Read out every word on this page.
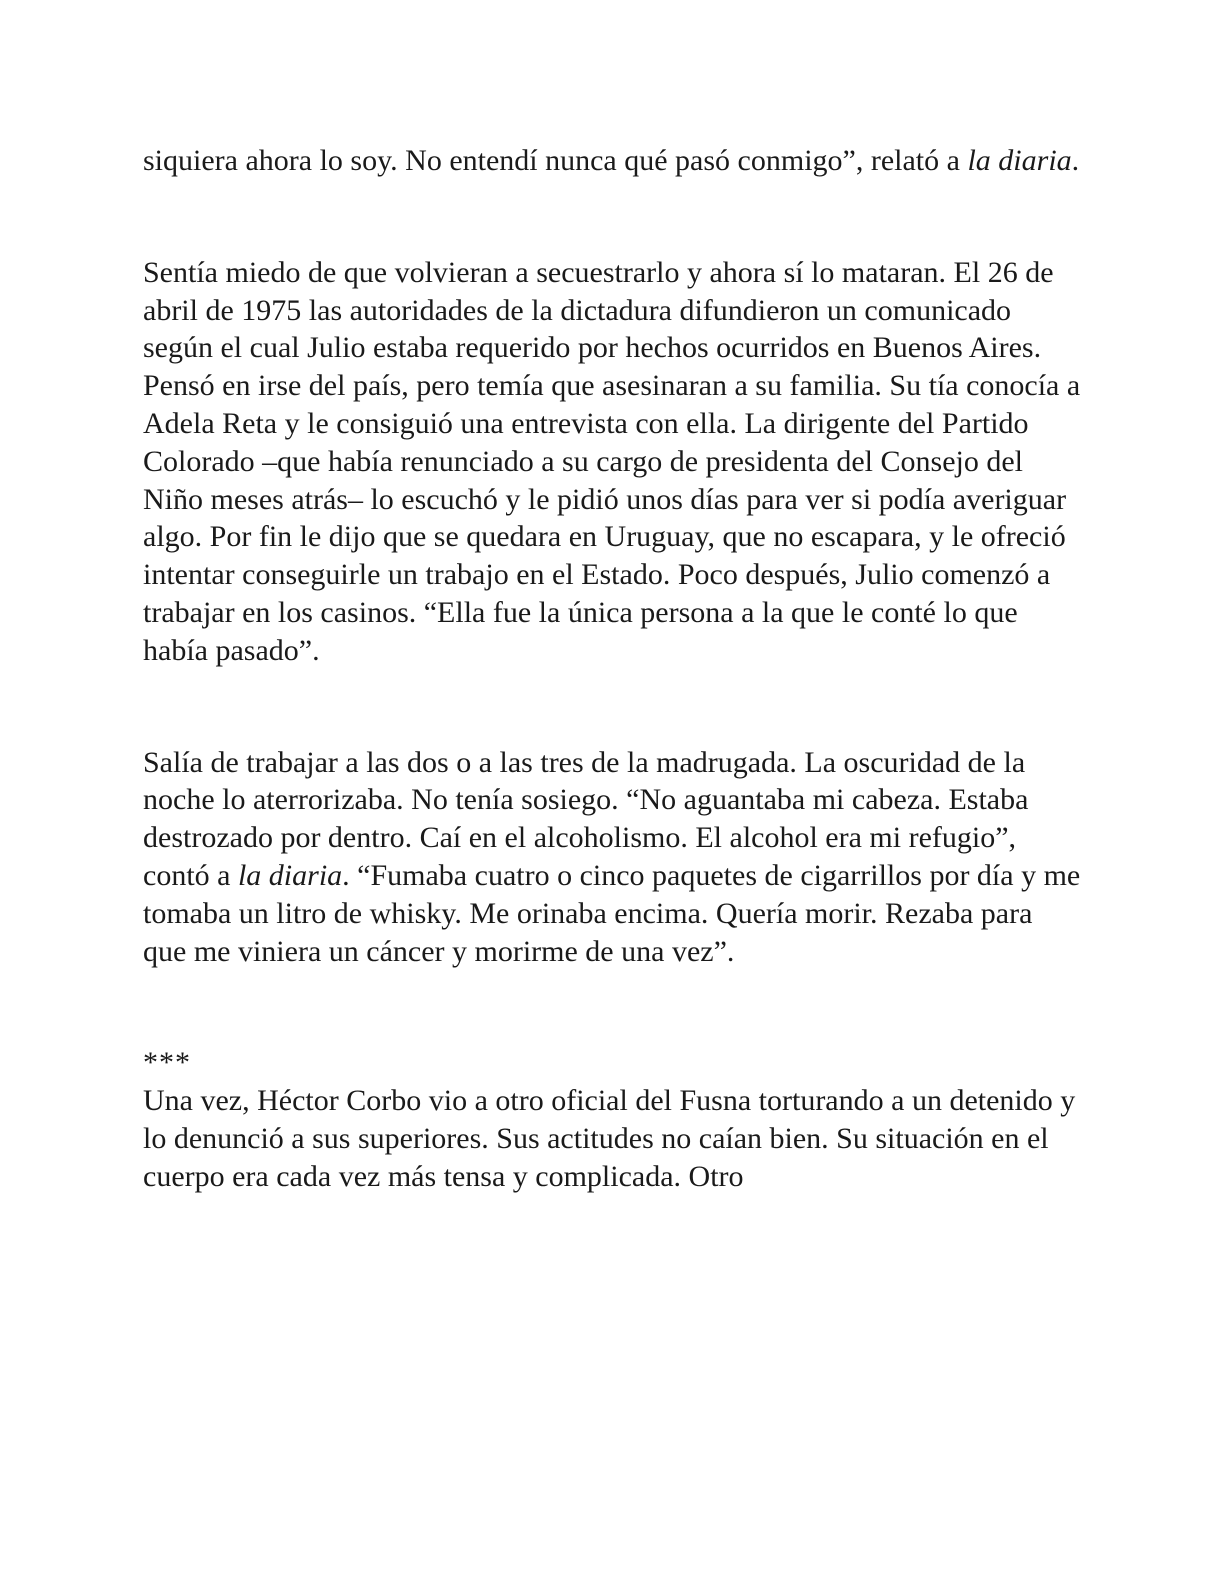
siquiera ahora lo soy. No entendí nunca qué pasó conmigo”, relató a la diaria.

Sentía miedo de que volvieran a secuestrarlo y ahora sí lo mataran. El 26 de abril de 1975 las autoridades de la dictadura difundieron un comunicado según el cual Julio estaba requerido por hechos ocurridos en Buenos Aires. Pensó en irse del país, pero temía que asesinaran a su familia. Su tía conocía a Adela Reta y le consiguió una entrevista con ella. La dirigente del Partido Colorado –que había renunciado a su cargo de presidenta del Consejo del Niño meses atrás– lo escuchó y le pidió unos días para ver si podía averiguar algo. Por fin le dijo que se quedara en Uruguay, que no escapara, y le ofreció intentar conseguirle un trabajo en el Estado. Poco después, Julio comenzó a trabajar en los casinos. “Ella fue la única persona a la que le conté lo que había pasado”.

Salía de trabajar a las dos o a las tres de la madrugada. La oscuridad de la noche lo aterrorizaba. No tenía sosiego. “No aguantaba mi cabeza. Estaba destrozado por dentro. Caí en el alcoholismo. El alcohol era mi refugio”, contó a la diaria. “Fumaba cuatro o cinco paquetes de cigarrillos por día y me tomaba un litro de whisky. Me orinaba encima. Quería morir. Rezaba para que me viniera un cáncer y morirme de una vez”.

***

Una vez, Héctor Corbo vio a otro oficial del Fusna torturando a un detenido y lo denunció a sus superiores. Sus actitudes no caían bien. Su situación en el cuerpo era cada vez más tensa y complicada. Otro
